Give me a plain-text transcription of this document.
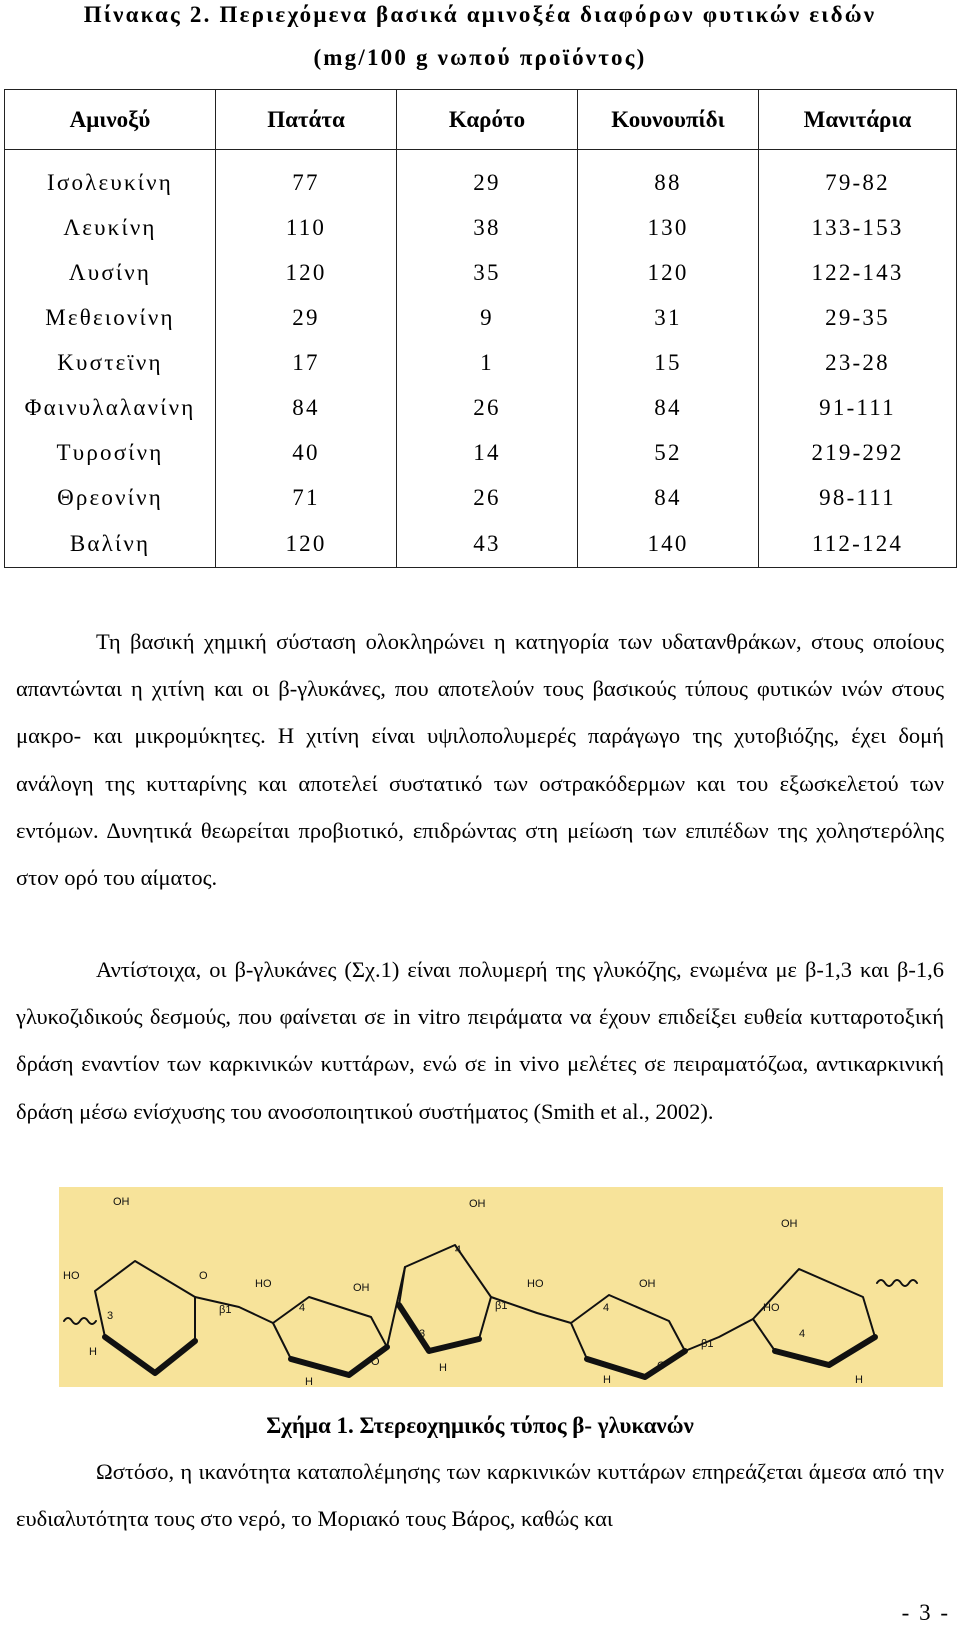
Πίνακας 2. Περιεχόμενα βασικά αμινοξέα διαφόρων φυτικών ειδών
(mg/100 g νωπού προϊόντος)
Αμινοξύ	Πατάτα	Καρότο	Κουνουπίδι	Μανιτάρια
Ισολευκίνη	77	29	88	79-82
Λευκίνη	110	38	130	133-153
Λυσίνη	120	35	120	122-143
Μεθειονίνη	29	9	31	29-35
Κυστεϊνη	17	1	15	23-28
Φαινυλαλανίνη	84	26	84	91-111
Τυροσίνη	40	14	52	219-292
Θρεονίνη	71	26	84	98-111
Βαλίνη	120	43	140	112-124

Τη βασική χημική σύσταση ολοκληρώνει η κατηγορία των υδατανθράκων, στους οποίους απαντώνται η χιτίνη και οι β-γλυκάνες, που αποτελούν τους βασικούς τύπους φυτικών ινών στους μακρο- και μικρομύκητες. Η χιτίνη είναι υψιλοπολυμερές παράγωγο της χυτοβιόζης, έχει δομή ανάλογη της κυτταρίνης και αποτελεί συστατικό των οστρακόδερμων και του εξωσκελετού των εντόμων. Δυνητικά θεωρείται προβιοτικό, επιδρώντας στη μείωση των επιπέδων της χοληστερόλης στον ορό του αίματος.

Αντίστοιχα, οι β-γλυκάνες (Σχ.1) είναι πολυμερή της γλυκόζης, ενωμένα με β-1,3 και β-1,6 γλυκοζιδικούς δεσμούς, που φαίνεται σε in vitro πειράματα να έχουν επιδείξει ευθεία κυτταροτοξική δράση εναντίον των καρκινικών κυττάρων, ενώ σε in vivo μελέτες σε πειραματόζωα, αντικαρκινική δράση μέσω ενίσχυσης του ανοσοποιητικού συστήματος (Smith et al., 2002).

OH
HO
H
O
β1
3
4
HO
H
OH
O
4
β1
3
H
OH
HO
O
4
β1
OH
H
4
OH
HO
H
Σχήμα 1. Στερεοχημικός τύπος β- γλυκανών

Ωστόσο, η ικανότητα καταπολέμησης των καρκινικών κυττάρων επηρεάζεται άμεσα από την ευδιαλυτότητα τους στο νερό, το Μοριακό τους Βάρος, καθώς και

- 3 -
